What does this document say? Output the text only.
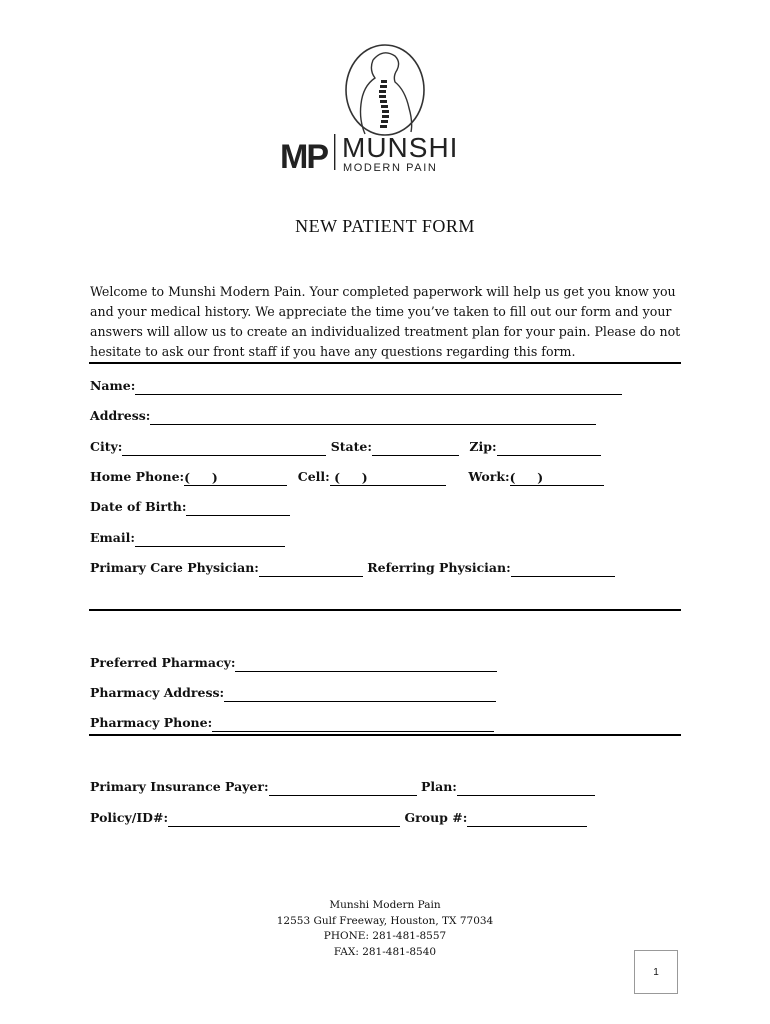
MP MUNSHI
MODERN PAIN
NEW PATIENT FORM
Welcome to Munshi Modern Pain. Your completed paperwork will help us get you know you
and your medical history. We appreciate the time you’ve taken to fill out our form and your
answers will allow us to create an individualized treatment plan for your pain. Please do not
hesitate to ask our front staff if you have any questions regarding this form.
Name:
Address:
City:	State:	Zip:
Home Phone:(     )                 Cell: (     )                   Work:(     )
Date of Birth:
Email:
Primary Care Physician:	Referring Physician:
Preferred Pharmacy:
Pharmacy Address:
Pharmacy Phone:
Primary Insurance Payer:	Plan:
Policy/ID#:	Group #:
Munshi Modern Pain
12553 Gulf Freeway, Houston, TX 77034
PHONE: 281-481-8557
FAX: 281-481-8540
1
